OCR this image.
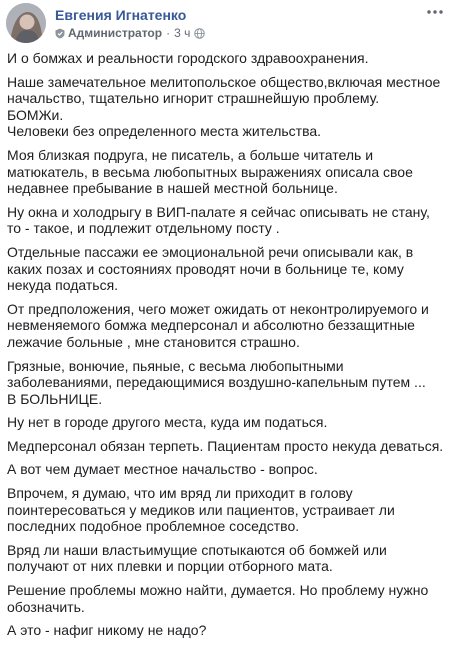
Евгения Игнатенко
Администратор · 3 ч

И о бомжах и реальности городского здравоохранения.

Наше замечательное мелитопольское общество,включая местное начальство, тщательно игнорит страшнейшую проблему.
БОМЖи.
Человеки без определенного места жительства.

Моя близкая подруга, не писатель, а больше читатель и матюкатель, в весьма любопытных выражениях описала свое недавнее пребывание в нашей местной больнице.

Ну окна и холодрыгу в ВИП-палате я сейчас описывать не стану, то - такое, и подлежит отдельному посту .

Отдельные пассажи ее эмоциональной речи описывали как, в каких позах и состояниях проводят ночи в больнице те, кому некуда податься.

От предположения, чего может ожидать от неконтролируемого и невменяемого бомжа медперсонал и абсолютно беззащитные лежачие больные , мне становится страшно.

Грязные, вонючие, пьяные, с весьма любопытными заболеваниями, передающимися воздушно-капельным путем ...
В БОЛЬНИЦЕ.

Ну нет в городе другого места, куда им податься.

Медперсонал обязан терпеть. Пациентам просто некуда деваться.

А вот чем думает местное начальство - вопрос.

Впрочем, я думаю, что им вряд ли приходит в голову поинтересоваться у медиков или пациентов, устраивает ли последних подобное проблемное соседство.

Вряд ли наши властьимущие спотыкаются об бомжей или получают от них плевки и порции отборного мата.

Решение проблемы можно найти, думается. Но проблему нужно обозначить.

А это - нафиг никому не надо?
